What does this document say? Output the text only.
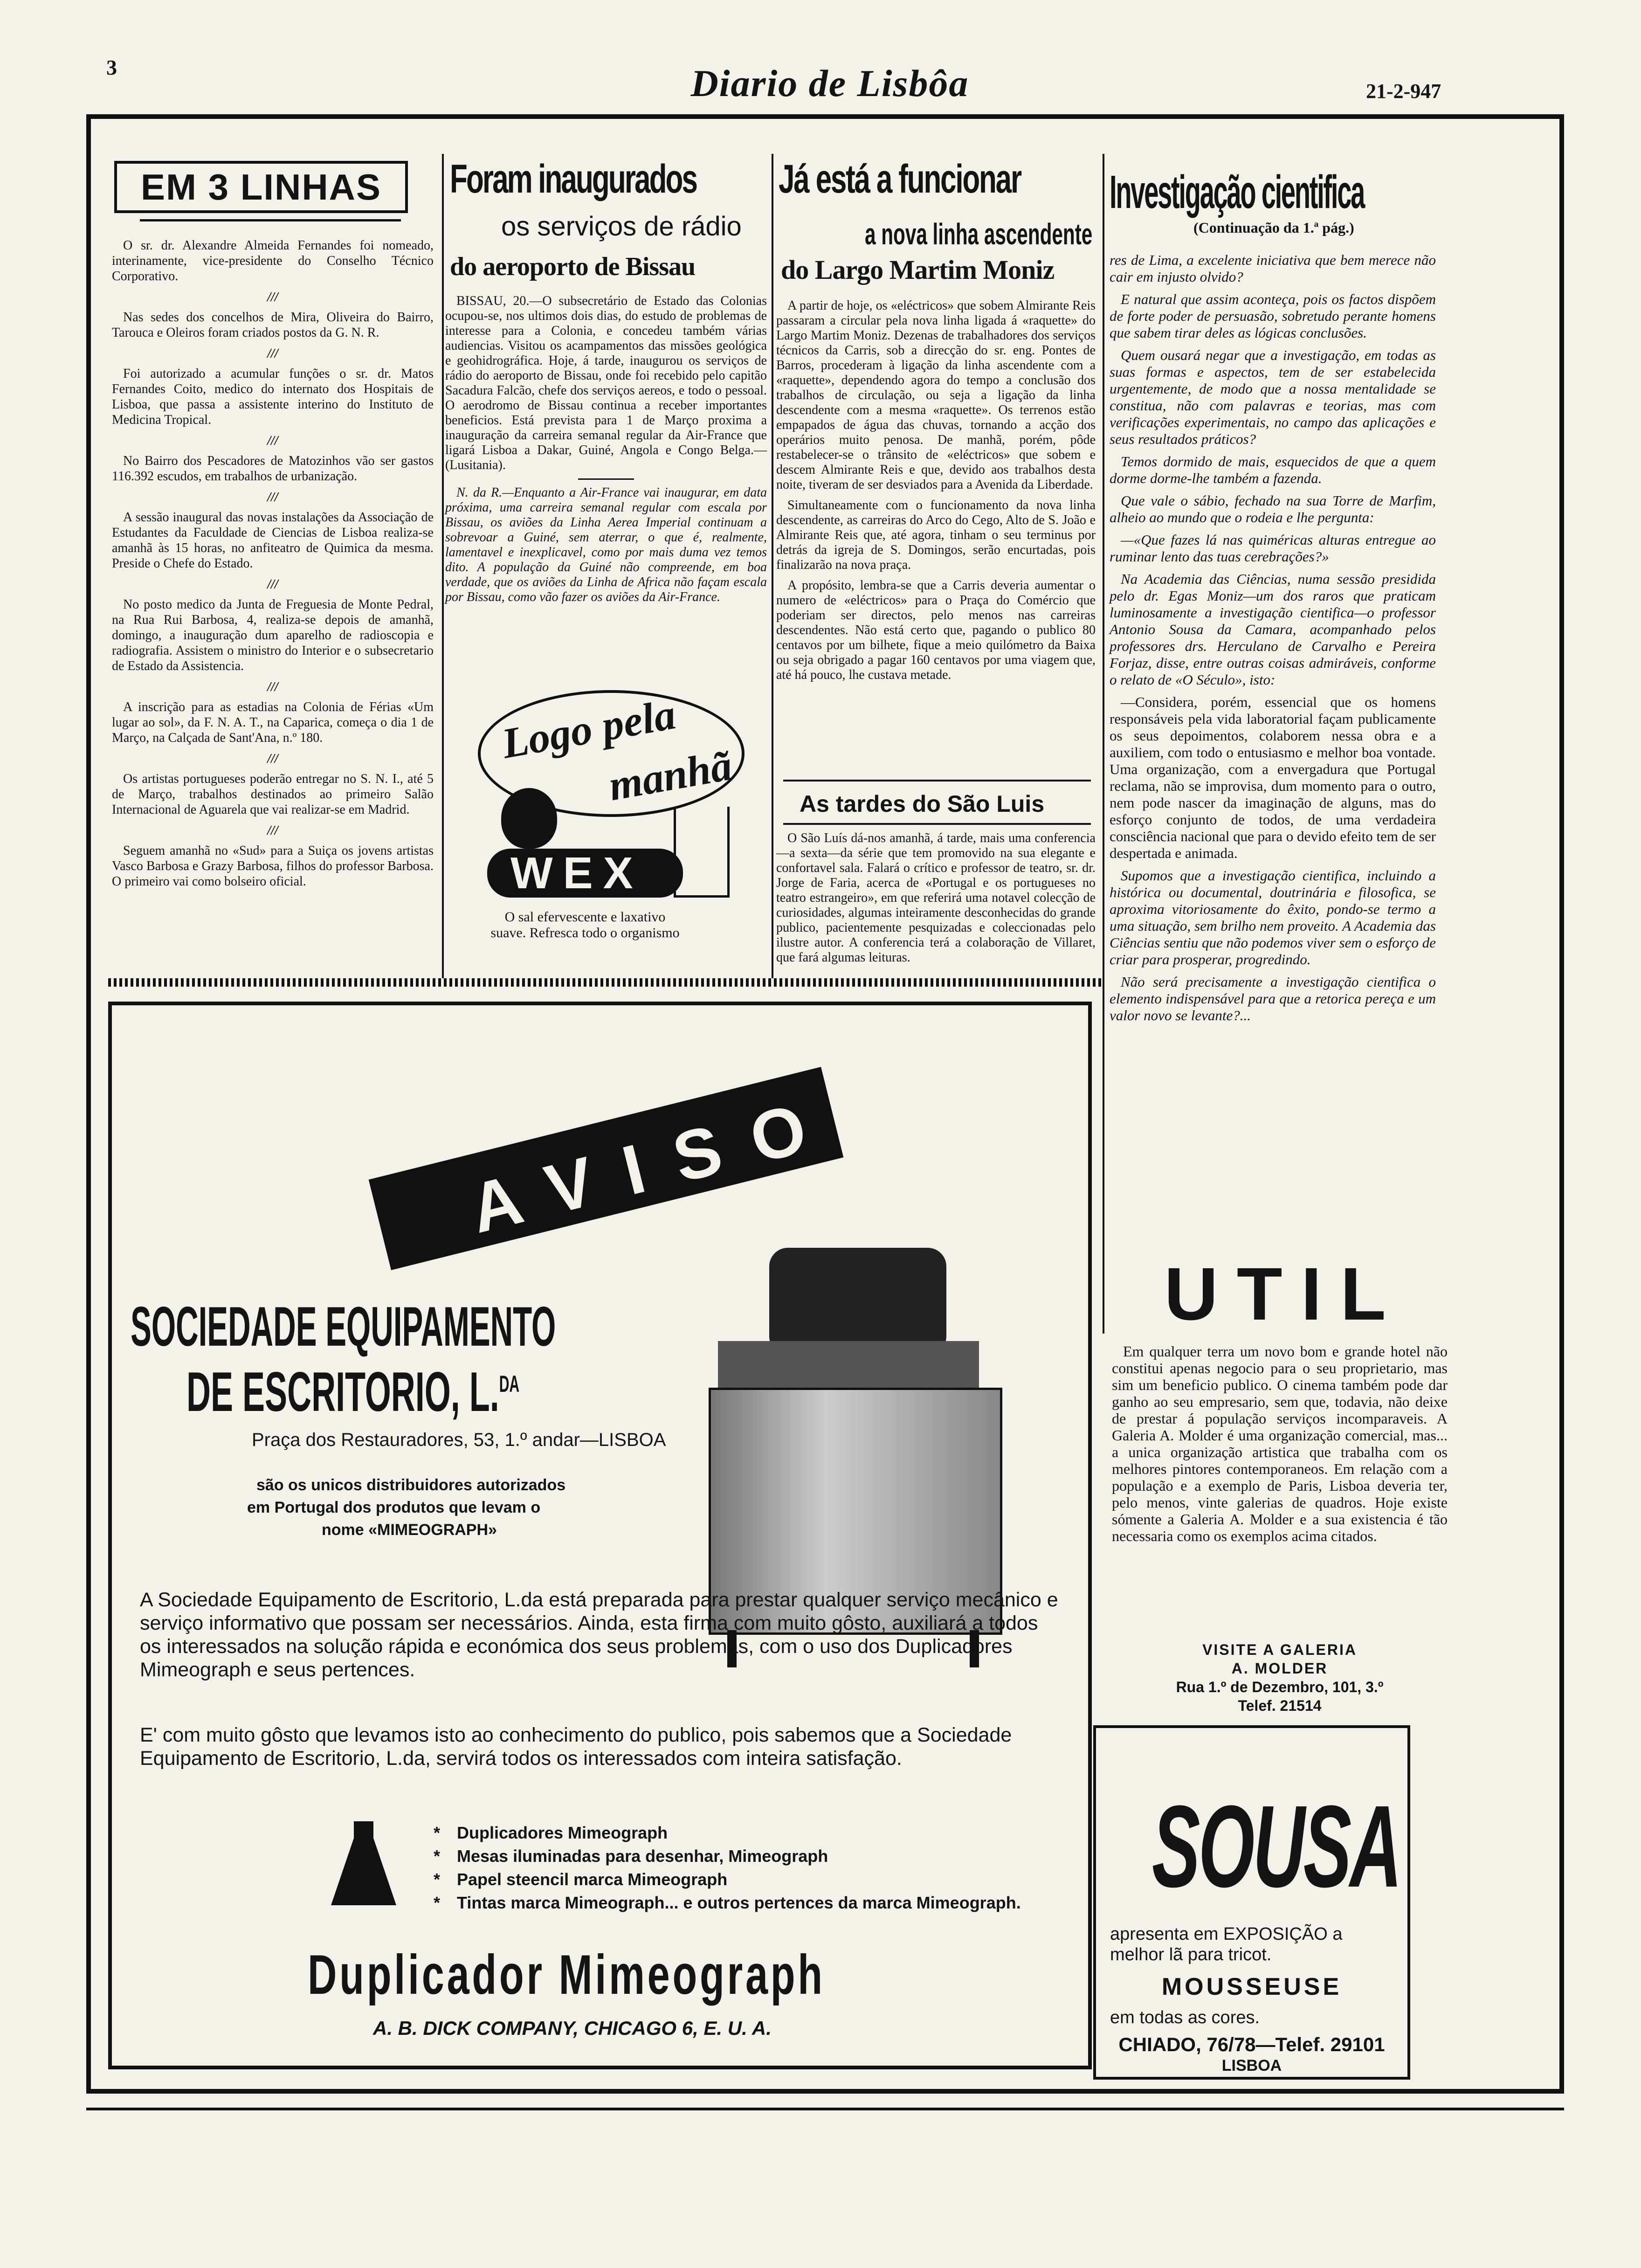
3	Diario de Lisbôa	21-2-947
EM 3 LINHAS

O sr. dr. Alexandre Almeida Fernandes foi nomeado, interinamente, vice-presidente do Conselho Técnico Corporativo.

///

Nas sedes dos concelhos de Mira, Oliveira do Bairro, Tarouca e Oleiros foram criados postos da G. N. R.

///

Foi autorizado a acumular funções o sr. dr. Matos Fernandes Coito, medico do internato dos Hospitais de Lisboa, que passa a assistente interino do Instituto de Medicina Tropical.

///

No Bairro dos Pescadores de Matozinhos vão ser gastos 116.392 escudos, em trabalhos de urbanização.

///

A sessão inaugural das novas instalações da Associação de Estudantes da Faculdade de Ciencias de Lisboa realiza-se amanhã às 15 horas, no anfiteatro de Quimica da mesma. Preside o Chefe do Estado.

///

No posto medico da Junta de Freguesia de Monte Pedral, na Rua Rui Barbosa, 4, realiza-se depois de amanhã, domingo, a inauguração dum aparelho de radioscopia e radiografia. Assistem o ministro do Interior e o subsecretario de Estado da Assistencia.

///

A inscrição para as estadias na Colonia de Férias «Um lugar ao sol», da F. N. A. T., na Caparica, começa o dia 1 de Março, na Calçada de Sant'Ana, n.º 180.

///

Os artistas portugueses poderão entregar no S. N. I., até 5 de Março, trabalhos destinados ao primeiro Salão Internacional de Aguarela que vai realizar-se em Madrid.

///

Seguem amanhã no «Sud» para a Suiça os jovens artistas Vasco Barbosa e Grazy Barbosa, filhos do professor Barbosa. O primeiro vai como bolseiro oficial.

Foram inaugurados
os serviços de rádio
do aeroporto de Bissau

BISSAU, 20.—O subsecretário de Estado das Colonias ocupou-se, nos ultimos dois dias, do estudo de problemas de interesse para a Colonia, e concedeu também várias audiencias. Visitou os acampamentos das missões geológica e geohidrográfica. Hoje, á tarde, inaugurou os serviços de rádio do aeroporto de Bissau, onde foi recebido pelo capitão Sacadura Falcão, chefe dos serviços aereos, e todo o pessoal. O aerodromo de Bissau continua a receber importantes beneficios. Está prevista para 1 de Março proxima a inauguração da carreira semanal regular da Air-France que ligará Lisboa a Dakar, Guiné, Angola e Congo Belga.—(Lusitania).

N. da R.—Enquanto a Air-France vai inaugurar, em data próxima, uma carreira semanal regular com escala por Bissau, os aviões da Linha Aerea Imperial continuam a sobrevoar a Guiné, sem aterrar, o que é, realmente, lamentavel e inexplicavel, como por mais duma vez temos dito. A população da Guiné não compreende, em boa verdade, que os aviões da Linha de Africa não façam escala por Bissau, como vão fazer os aviões da Air-France.

Logo pela
manhã
WEX
O sal efervescente e laxativo suave. Refresca todo o organismo
Já está a funcionar
a nova linha ascendente
do Largo Martim Moniz

A partir de hoje, os «eléctricos» que sobem Almirante Reis passaram a circular pela nova linha ligada á «raquette» do Largo Martim Moniz. Dezenas de trabalhadores dos serviços técnicos da Carris, sob a direcção do sr. eng. Pontes de Barros, procederam à ligação da linha ascendente com a «raquette», dependendo agora do tempo a conclusão dos trabalhos de circulação, ou seja a ligação da linha descendente com a mesma «raquette». Os terrenos estão empapados de água das chuvas, tornando a acção dos operários muito penosa. De manhã, porém, pôde restabelecer-se o trânsito de «eléctricos» que sobem e descem Almirante Reis e que, devido aos trabalhos desta noite, tiveram de ser desviados para a Avenida da Liberdade.

Simultaneamente com o funcionamento da nova linha descendente, as carreiras do Arco do Cego, Alto de S. João e Almirante Reis que, até agora, tinham o seu terminus por detrás da igreja de S. Domingos, serão encurtadas, pois finalizarão na nova praça.

A propósito, lembra-se que a Carris deveria aumentar o numero de «eléctricos» para o Praça do Comércio que poderiam ser directos, pelo menos nas carreiras descendentes. Não está certo que, pagando o publico 80 centavos por um bilhete, fique a meio quilómetro da Baixa ou seja obrigado a pagar 160 centavos por uma viagem que, até há pouco, lhe custava metade.

As tardes do São Luis

O São Luís dá-nos amanhã, á tarde, mais uma conferencia—a sexta—da série que tem promovido na sua elegante e confortavel sala. Falará o crítico e professor de teatro, sr. dr. Jorge de Faria, acerca de «Portugal e os portugueses no teatro estrangeiro», em que referirá uma notavel colecção de curiosidades, algumas inteiramente desconhecidas do grande publico, pacientemente pesquizadas e coleccionadas pelo ilustre autor. A conferencia terá a colaboração de Villaret, que fará algumas leituras.

Investigação cientifica
(Continuação da 1.ª pág.)

res de Lima, a excelente iniciativa que bem merece não cair em injusto olvido?

E natural que assim aconteça, pois os factos dispõem de forte poder de persuasão, sobretudo perante homens que sabem tirar deles as lógicas conclusões.

Quem ousará negar que a investigação, em todas as suas formas e aspectos, tem de ser estabelecida urgentemente, de modo que a nossa mentalidade se constitua, não com palavras e teorias, mas com verificações experimentais, no campo das aplicações e seus resultados práticos?

Temos dormido de mais, esquecidos de que a quem dorme dorme-lhe também a fazenda.

Que vale o sábio, fechado na sua Torre de Marfim, alheio ao mundo que o rodeia e lhe pergunta:

—«Que fazes lá nas quiméricas alturas entregue ao ruminar lento das tuas cerebrações?»

Na Academia das Ciências, numa sessão presidida pelo dr. Egas Moniz—um dos raros que praticam luminosamente a investigação cientifica—o professor Antonio Sousa da Camara, acompanhado pelos professores drs. Herculano de Carvalho e Pereira Forjaz, disse, entre outras coisas admiráveis, conforme o relato de «O Século», isto:

—Considera, porém, essencial que os homens responsáveis pela vida laboratorial façam publicamente os seus depoimentos, colaborem nessa obra e a auxiliem, com todo o entusiasmo e melhor boa vontade. Uma organização, com a envergadura que Portugal reclama, não se improvisa, dum momento para o outro, nem pode nascer da imaginação de alguns, mas do esforço conjunto de todos, de uma verdadeira consciência nacional que para o devido efeito tem de ser despertada e animada.

Supomos que a investigação cientifica, incluindo a histórica ou documental, doutrinária e filosofica, se aproxima vitoriosamente do êxito, pondo-se termo a uma situação, sem brilho nem proveito. A Academia das Ciências sentiu que não podemos viver sem o esforço de criar para prosperar, progredindo.

Não será precisamente a investigação cientifica o elemento indispensável para que a retorica pereça e um valor novo se levante?...

AVISO
SOCIEDADE EQUIPAMENTO
DE ESCRITORIO, L.$^{DA}$
Praça dos Restauradores, 53, 1.º andar—LISBOA
são os unicos distribuidores autorizados
em Portugal dos produtos que levam o
nome «MIMEOGRAPH»
A Sociedade Equipamento de Escritorio, L.da está preparada para prestar qualquer serviço mecânico e serviço informativo que possam ser necessários. Ainda, esta firma com muito gôsto, auxiliará a todos os interessados na solução rápida e económica dos seus problemas, com o uso dos Duplicadores Mimeograph e seus pertences.
E' com muito gôsto que levamos isto ao conhecimento do publico, pois sabemos que a Sociedade Equipamento de Escritorio, L.da, servirá todos os interessados com inteira satisfação.
* Duplicadores Mimeograph
* Mesas iluminadas para desenhar, Mimeograph
* Papel steencil marca Mimeograph
* Tintas marca Mimeograph... e outros pertences da marca Mimeograph.
Duplicador Mimeograph
A. B. DICK COMPANY, CHICAGO 6, E. U. A.
UTIL
Em qualquer terra um novo bom e grande hotel não constitui apenas negocio para o seu proprietario, mas sim um beneficio publico. O cinema também pode dar ganho ao seu empresario, sem que, todavia, não deixe de prestar á população serviços incomparaveis. A Galeria A. Molder é uma organização comercial, mas... a unica organização artistica que trabalha com os melhores pintores contemporaneos. Em relação com a população e a exemplo de Paris, Lisboa deveria ter, pelo menos, vinte galerias de quadros. Hoje existe sómente a Galeria A. Molder e a sua existencia é tão necessaria como os exemplos acima citados.
VISITE A GALERIA
A. MOLDER
Rua 1.º de Dezembro, 101, 3.º
Telef. 21514
SOUSA
apresenta em EXPOSIÇÃO a melhor lã para tricot.
MOUSSEUSE
em todas as cores.
CHIADO, 76/78—Telef. 29101
LISBOA
